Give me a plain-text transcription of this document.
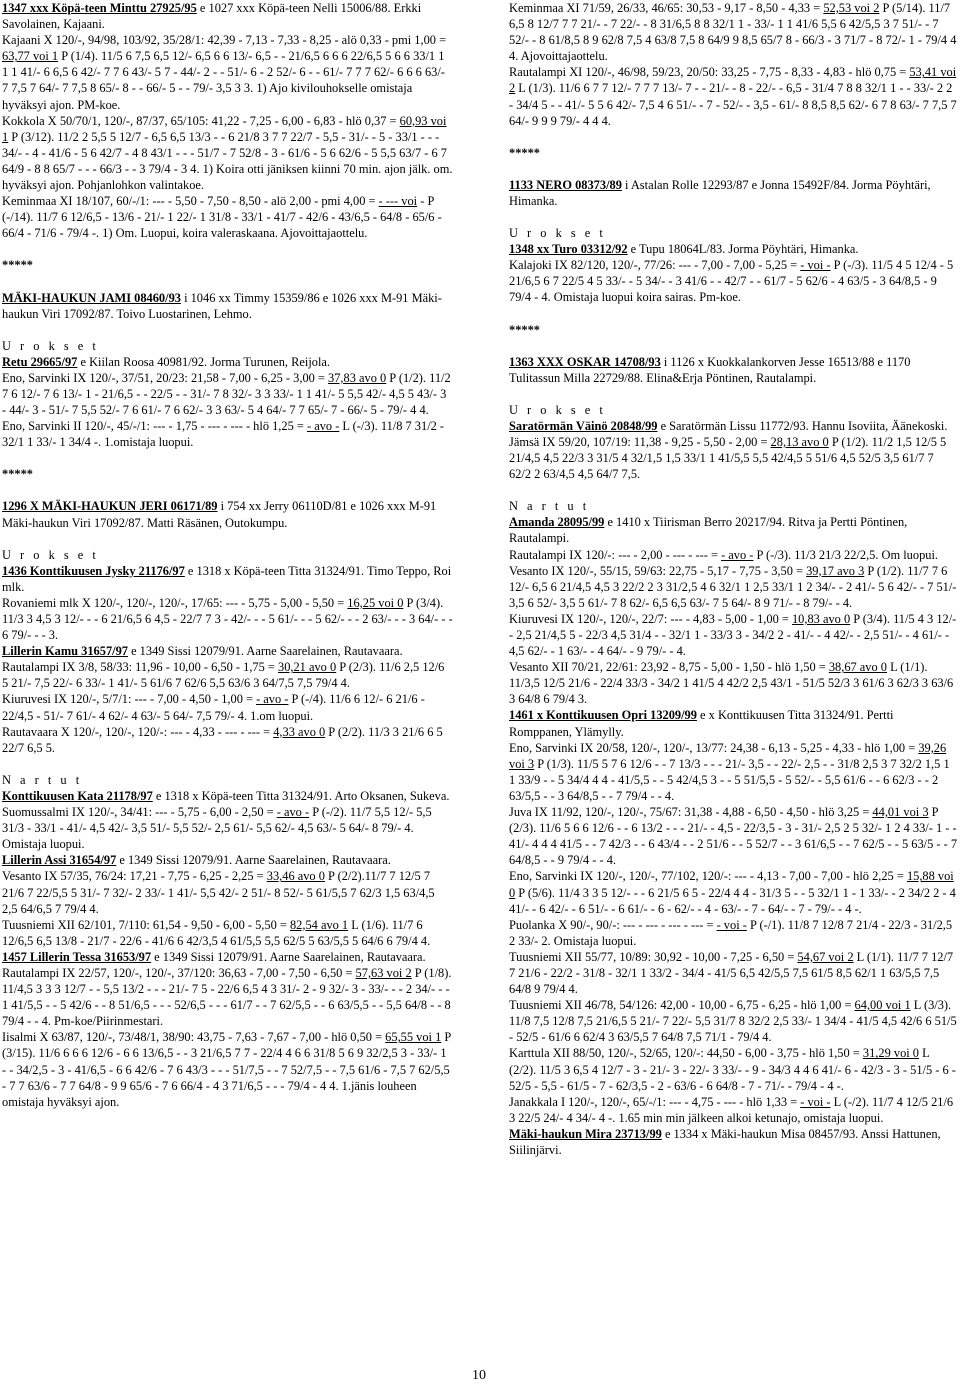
1347 xxx Köpä-teen Minttu 27925/95 e 1027 xxx Köpä-teen Nelli 15006/88. Erkki Savolainen, Kajaani.

Kajaani X 120/-, 94/98, 103/92, 35/28/1: 42,39 - 7,13 - 7,33 - 8,25 - alö 0,33 - pmi 1,00 = 63,77 voi 1 P (1/4). 11/5 6 7,5 6,5 12/- 6,5 6 6 13/- 6,5 - - 21/6,5 6 6 6 22/6,5 5 6 6 33/1 1 1 1 41/- 6 6,5 6 42/- 7 7 6 43/- 5 7 - 44/- 2 - - 51/- 6 - 2 52/- 6 - - 61/- 7 7 7 62/- 6 6 6 63/- 7 7,5 7 64/- 7 7,5 8 65/- 8 - - 66/- 5 - - 79/- 3,5 3 3. 1) Ajo kivilouhokselle omistaja hyväksyi ajon. PM-koe.

Kokkola X 50/70/1, 120/-, 87/37, 65/105: 41,22 - 7,25 - 6,00 - 6,83 - hlö 0,37 = 60,93 voi 1 P (3/12). 11/2 2 5,5 5 12/7 - 6,5 6,5 13/3 - - 6 21/8 3 7 7 22/7 - 5,5 - 31/- - 5 - 33/1 - - - 34/- - 4 - 41/6 - 5 6 42/7 - 4 8 43/1 - - - 51/7 - 7 52/8 - 3 - 61/6 - 5 6 62/6 - 5 5,5 63/7 - 6 7 64/9 - 8 8 65/7 - - - 66/3 - - 3 79/4 - 3 4. 1) Koira otti jäniksen kiinni 70 min. ajon jälk. om. hyväksyi ajon. Pohjanlohkon valintakoe.

Keminmaa XI 18/107, 60/-/1: --- - 5,50 - 7,50 - 8,50 - alö 2,00 - pmi 4,00 = - --- voi - P (-/14). 11/7 6 12/6,5 - 13/6 - 21/- 1 22/- 1 31/8 - 33/1 - 41/7 - 42/6 - 43/6,5 - 64/8 - 65/6 - 66/4 - 71/6 - 79/4 -. 1) Om. Luopui, koira valeraskaana. Ajovoittajaottelu.

*****

MÄKI-HAUKUN JAMI 08460/93 i 1046 xx Timmy 15359/86 e 1026 xxx M-91 Mäki-haukun Viri 17092/87. Toivo Luostarinen, Lehmo.

U r o k s e t

Retu 29665/97 e Kiilan Roosa 40981/92. Jorma Turunen, Reijola.

Eno, Sarvinki IX 120/-, 37/51, 20/23: 21,58 - 7,00 - 6,25 - 3,00 = 37,83 avo 0 P (1/2). 11/2 7 6 12/- 7 6 13/- 1 - 21/6,5 - - 22/5 - - 31/- 7 8 32/- 3 3 33/- 1 1 41/- 5 5,5 42/- 4,5 5 43/- 3 - 44/- 3 - 51/- 7 5,5 52/- 7 6 61/- 7 6 62/- 3 3 63/- 5 4 64/- 7 7 65/- 7 - 66/- 5 - 79/- 4 4.

Eno, Sarvinki II 120/-, 45/-/1: --- - 1,75 - --- - --- - hlö 1,25 = - avo - L (-/3). 11/8 7 31/2 - 32/1 1 33/- 1 34/4 -. 1.omistaja luopui.

*****

1296 X MÄKI-HAUKUN JERI 06171/89 i 754 xx Jerry 06110D/81 e 1026 xxx M-91 Mäki-haukun Viri 17092/87. Matti Räsänen, Outokumpu.

U r o k s e t

1436 Konttikuusen Jysky 21176/97 e 1318 x Köpä-teen Titta 31324/91. Timo Teppo, Roi mlk.

Rovaniemi mlk X 120/-, 120/-, 120/-, 17/65: --- - 5,75 - 5,00 - 5,50 = 16,25 voi 0 P (3/4). 11/3 3 4,5 3 12/- - - 6 21/6,5 6 4,5 - 22/7 7 3 - 42/- - - 5 61/- - - 5 62/- - - 2 63/- - - 3 64/- - - 6 79/- - - 3.

Lillerin Kamu 31657/97 e 1349 Sissi 12079/91. Aarne Saarelainen, Rautavaara.

Rautalampi IX 3/8, 58/33: 11,96 - 10,00 - 6,50 - 1,75 = 30,21 avo 0 P (2/3). 11/6 2,5 12/6 5 21/- 7,5 22/- 6 33/- 1 41/- 5 61/6 7 62/6 5,5 63/6 3 64/7,5 7,5 79/4 4.

Kiuruvesi IX 120/-, 5/7/1: --- - 7,00 - 4,50 - 1,00 = - avo - P (-/4). 11/6 6 12/- 6 21/6 - 22/4,5 - 51/- 7 61/- 4 62/- 4 63/- 5 64/- 7,5 79/- 4. 1.om luopui.

Rautavaara X 120/-, 120/-, 120/-: --- - 4,33 - --- - --- = 4,33 avo 0 P (2/2). 11/3 3 21/6 6 5 22/7 6,5 5.

N a r t u t

Konttikuusen Kata 21178/97 e 1318 x Köpä-teen Titta 31324/91. Arto Oksanen, Sukeva.

Suomussalmi IX 120/-, 34/41: --- - 5,75 - 6,00 - 2,50 = - avo - P (-/2). 11/7 5,5 12/- 5,5 31/3 - 33/1 - 41/- 4,5 42/- 3,5 51/- 5,5 52/- 2,5 61/- 5,5 62/- 4,5 63/- 5 64/- 8 79/- 4. Omistaja luopui.

Lillerin Assi 31654/97 e 1349 Sissi 12079/91. Aarne Saarelainen, Rautavaara.

Vesanto IX 57/35, 76/24: 17,21 - 7,75 - 6,25 - 2,25 = 33,46 avo 0 P (2/2).11/7 7 12/5 7 21/6 7 22/5,5 5 31/- 7 32/- 2 33/- 1 41/- 5,5 42/- 2 51/- 8 52/- 5 61/5,5 7 62/3 1,5 63/4,5 2,5 64/6,5 7 79/4 4.

Tuusniemi XII 62/101, 7/110: 61,54 - 9,50 - 6,00 - 5,50 = 82,54 avo 1 L (1/6). 11/7 6 12/6,5 6,5 13/8 - 21/7 - 22/6 - 41/6 6 42/3,5 4 61/5,5 5,5 62/5 5 63/5,5 5 64/6 6 79/4 4.

1457 Lillerin Tessa 31653/97 e 1349 Sissi 12079/91. Aarne Saarelainen, Rautavaara.

Rautalampi IX 22/57, 120/-, 120/-, 37/120: 36,63 - 7,00 - 7,50 - 6,50 = 57,63 voi 2 P (1/8). 11/4,5 3 3 3 12/7 - - 5,5 13/2 - - - 21/- 7 5 - 22/6 6,5 4 3 31/- 2 - 9 32/- 3 - 33/- - - 2 34/- - - 1 41/5,5 - - 5 42/6 - - 8 51/6,5 - - - 52/6,5 - - - 61/7 - - 7 62/5,5 - - 6 63/5,5 - - 5,5 64/8 - - 8 79/4 - - 4. Pm-koe/Piirinmestari.

Iisalmi X 63/87, 120/-, 73/48/1, 38/90: 43,75 - 7,63 - 7,67 - 7,00 - hlö 0,50 = 65,55 voi 1 P (3/15). 11/6 6 6 6 12/6 - 6 6 13/6,5 - - 3 21/6,5 7 7 - 22/4 4 6 6 31/8 5 6 9 32/2,5 3 - 33/- 1 - - 34/2,5 - 3 - 41/6,5 - 6 6 42/6 - 7 6 43/3 - - - 51/7,5 - - 7 52/7,5 - - 7,5 61/6 - 7,5 7 62/5,5 - 7 7 63/6 - 7 7 64/8 - 9 9 65/6 - 7 6 66/4 - 4 3 71/6,5 - - - 79/4 - 4 4. 1.jänis louheen omistaja hyväksyi ajon.

Keminmaa XI 71/59, 26/33, 46/65: 30,53 - 9,17 - 8,50 - 4,33 = 52,53 voi 2 P (5/14). 11/7 6,5 8 12/7 7 7 21/- - 7 22/- - 8 31/6,5 8 8 32/1 1 - 33/- 1 1 41/6 5,5 6 42/5,5 3 7 51/- - 7 52/- - 8 61/8,5 8 9 62/8 7,5 4 63/8 7,5 8 64/9 9 8,5 65/7 8 - 66/3 - 3 71/7 - 8 72/- 1 - 79/4 4 4. Ajovoittajaottelu.

Rautalampi XI 120/-, 46/98, 59/23, 20/50: 33,25 - 7,75 - 8,33 - 4,83 - hlö 0,75 = 53,41 voi 2 L (1/3). 11/6 6 7 7 12/- 7 7 7 13/- 7 - - 21/- - 8 - 22/- - 6,5 - 31/4 7 8 8 32/1 1 - - 33/- 2 2 - 34/4 5 - - 41/- 5 5 6 42/- 7,5 4 6 51/- - 7 - 52/- - 3,5 - 61/- 8 8,5 8,5 62/- 6 7 8 63/- 7 7,5 7 64/- 9 9 9 79/- 4 4 4.

*****

1133 NERO 08373/89 i Astalan Rolle 12293/87 e Jonna 15492F/84. Jorma Pöyhtäri, Himanka.

U r o k s e t

1348 xx Turo 03312/92 e Tupu 18064L/83. Jorma Pöyhtäri, Himanka.

Kalajoki IX 82/120, 120/-, 77/26: --- - 7,00 - 7,00 - 5,25 = - voi - P (-/3). 11/5 4 5 12/4 - 5 21/6,5 6 7 22/5 4 5 33/- - 5 34/- - 3 41/6 - - 42/7 - - 61/7 - 5 62/6 - 4 63/5 - 3 64/8,5 - 9 79/4 - 4. Omistaja luopui koira sairas. Pm-koe.

*****

1363 XXX OSKAR 14708/93 i 1126 x Kuokkalankorven Jesse 16513/88 e 1170 Tulitassun Milla 22729/88. Elina&Erja Pöntinen, Rautalampi.

U r o k s e t

Saratörmän Väinö 20848/99 e Saratörmän Lissu 11772/93. Hannu Isoviita, Äänekoski.

Jämsä IX 59/20, 107/19: 11,38 - 9,25 - 5,50 - 2,00 = 28,13 avo 0 P (1/2). 11/2 1,5 12/5 5 21/4,5 4,5 22/3 3 31/5 4 32/1,5 1,5 33/1 1 41/5,5 5,5 42/4,5 5 51/6 4,5 52/5 3,5 61/7 7 62/2 2 63/4,5 4,5 64/7 7,5.

N a r t u t

Amanda 28095/99 e 1410 x Tiirisman Berro 20217/94. Ritva ja Pertti Pöntinen, Rautalampi.

Rautalampi IX 120/-: --- - 2,00 - --- - --- = - avo - P (-/3). 11/3 21/3 22/2,5. Om luopui.

Vesanto IX 120/-, 55/15, 59/63: 22,75 - 5,17 - 7,75 - 3,50 = 39,17 avo 3 P (1/2). 11/7 7 6 12/- 6,5 6 21/4,5 4,5 3 22/2 2 3 31/2,5 4 6 32/1 1 2,5 33/1 1 2 34/- - 2 41/- 5 6 42/- - 7 51/- 3,5 6 52/- 3,5 5 61/- 7 8 62/- 6,5 6,5 63/- 7 5 64/- 8 9 71/- - 8 79/- - 4.

Kiuruvesi IX 120/-, 120/-, 22/7: --- - 4,83 - 5,00 - 1,00 = 10,83 avo 0 P (3/4). 11/5 4 3 12/- - 2,5 21/4,5 5 - 22/3 4,5 31/4 - - 32/1 1 - 33/3 3 - 34/2 2 - 41/- - 4 42/- - 2,5 51/- - 4 61/- - 4,5 62/- - 1 63/- - 4 64/- - 9 79/- - 4.

Vesanto XII 70/21, 22/61: 23,92 - 8,75 - 5,00 - 1,50 - hlö 1,50 = 38,67 avo 0 L (1/1). 11/3,5 12/5 21/6 - 22/4 33/3 - 34/2 1 41/5 4 42/2 2,5 43/1 - 51/5 52/3 3 61/6 3 62/3 3 63/6 3 64/8 6 79/4 3.

1461 x Konttikuusen Opri 13209/99 e x Konttikuusen Titta 31324/91. Pertti Romppanen, Ylämylly.

Eno, Sarvinki IX 20/58, 120/-, 120/-, 13/77: 24,38 - 6,13 - 5,25 - 4,33 - hlö 1,00 = 39,26 voi 3 P (1/3). 11/5 5 7 6 12/6 - - 7 13/3 - - - 21/- 3,5 - - 22/- 2,5 - - 31/8 2,5 3 7 32/2 1,5 1 1 33/9 - - 5 34/4 4 4 - 41/5,5 - - 5 42/4,5 3 - - 5 51/5,5 - 5 52/- - 5,5 61/6 - - 6 62/3 - - 2 63/5,5 - - 3 64/8,5 - - 7 79/4 - - 4.

Juva IX 11/92, 120/-, 120/-, 75/67: 31,38 - 4,88 - 6,50 - 4,50 - hlö 3,25 = 44,01 voi 3 P (2/3). 11/6 5 6 6 12/6 - - 6 13/2 - - - 21/- - 4,5 - 22/3,5 - 3 - 31/- 2,5 2 5 32/- 1 2 4 33/- 1 - - 41/- 4 4 4 41/5 - - 7 42/3 - - 6 43/4 - - 2 51/6 - - 5 52/7 - - 3 61/6,5 - - 7 62/5 - - 5 63/5 - - 7 64/8,5 - - 9 79/4 - - 4.

Eno, Sarvinki IX 120/-, 120/-, 77/102, 120/-: --- - 4,13 - 7,00 - 7,00 - hlö 2,25 = 15,88 voi 0 P (5/6). 11/4 3 3 5 12/- - - 6 21/5 6 5 - 22/4 4 4 - 31/3 5 - - 5 32/1 1 - 1 33/- - 2 34/2 2 - 4 41/- - 6 42/- - 6 51/- - 6 61/- - 6 - 62/- - 4 - 63/- - 7 - 64/- - 7 - 79/- - 4 -.

Puolanka X 90/-, 90/-: --- - --- - --- - --- = - voi - P (-/1). 11/8 7 12/8 7 21/4 - 22/3 - 31/2,5 2 33/- 2. Omistaja luopui.

Tuusniemi XII 55/77, 10/89: 30,92 - 10,00 - 7,25 - 6,50 = 54,67 voi 2 L (1/1). 11/7 7 12/7 7 21/6 - 22/2 - 31/8 - 32/1 1 33/2 - 34/4 - 41/5 6,5 42/5,5 7,5 61/5 8,5 62/1 1 63/5,5 7,5 64/8 9 79/4 4.

Tuusniemi XII 46/78, 54/126: 42,00 - 10,00 - 6,75 - 6,25 - hlö 1,00 = 64,00 voi 1 L (3/3). 11/8 7,5 12/8 7,5 21/6,5 5 21/- 7 22/- 5,5 31/7 8 32/2 2,5 33/- 1 34/4 - 41/5 4,5 42/6 6 51/5 - 52/5 - 61/6 6 62/4 3 63/5,5 7 64/8 7,5 71/1 - 79/4 4.

Karttula XII 88/50, 120/-, 52/65, 120/-: 44,50 - 6,00 - 3,75 - hlö 1,50 = 31,29 voi 0 L (2/2). 11/5 3 6,5 4 12/7 - 3 - 21/- 3 - 22/- 3 33/- - 9 - 34/3 4 4 6 41/- 6 - 42/3 - 3 - 51/5 - 6 - 52/5 - 5,5 - 61/5 - 7 - 62/3,5 - 2 - 63/6 - 6 64/8 - 7 - 71/- - 79/4 - 4 -.

Janakkala I 120/-, 120/-, 65/-/1: --- - 4,75 - --- - hlö 1,33 = - voi - L (-/2). 11/7 4 12/5 21/6 3 22/5 24/- 4 34/- 4 -. 1.65 min min jälkeen alkoi ketunajo, omistaja luopui.

Mäki-haukun Mira 23713/99 e 1334 x Mäki-haukun Misa 08457/93. Anssi Hattunen, Siilinjärvi.

10
